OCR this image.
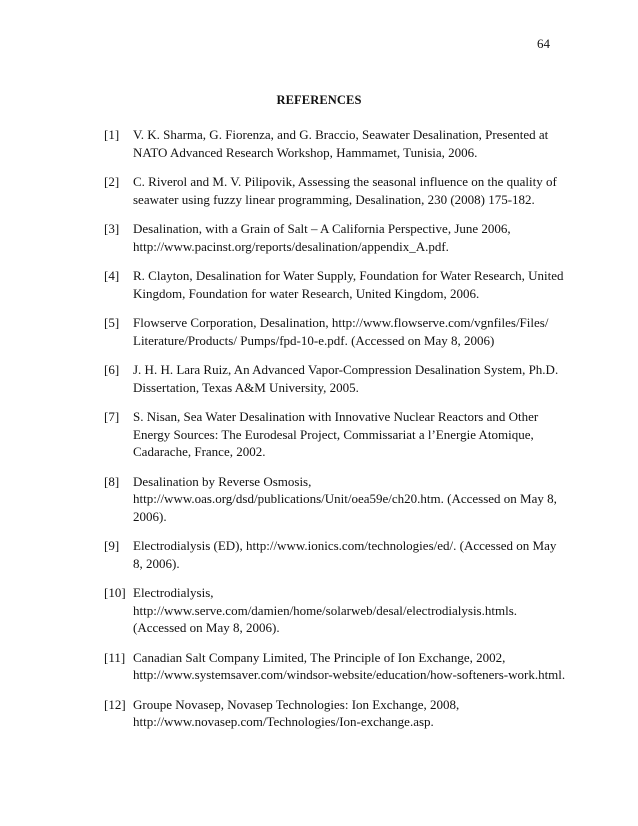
64
REFERENCES
[1]	V. K. Sharma, G. Fiorenza, and G. Braccio, Seawater Desalination, Presented at
NATO Advanced Research Workshop, Hammamet, Tunisia, 2006.
[2]	C. Riverol and M. V. Pilipovik, Assessing the seasonal influence on the quality of
seawater using fuzzy linear programming, Desalination, 230 (2008) 175-182.
[3]	Desalination, with a Grain of Salt – A California Perspective, June 2006,
http://www.pacinst.org/reports/desalination/appendix_A.pdf.
[4]	R. Clayton, Desalination for Water Supply, Foundation for Water Research, United
Kingdom, Foundation for water Research, United Kingdom, 2006.
[5]	Flowserve Corporation, Desalination, http://www.flowserve.com/vgnfiles/Files/
Literature/Products/ Pumps/fpd-10-e.pdf. (Accessed on May 8, 2006)
[6]	J. H. H. Lara Ruiz, An Advanced Vapor-Compression Desalination System, Ph.D.
Dissertation, Texas A&M University, 2005.
[7]	S. Nisan, Sea Water Desalination with Innovative Nuclear Reactors and Other
Energy Sources: The Eurodesal Project, Commissariat a l’Energie Atomique,
Cadarache, France, 2002.
[8]	Desalination by Reverse Osmosis,
http://www.oas.org/dsd/publications/Unit/oea59e/ch20.htm. (Accessed on May 8,
2006).
[9]	Electrodialysis (ED), http://www.ionics.com/technologies/ed/. (Accessed on May
8, 2006).
[10] Electrodialysis,
http://www.serve.com/damien/home/solarweb/desal/electrodialysis.htmls.
(Accessed on May 8, 2006).
[11] Canadian Salt Company Limited, The Principle of Ion Exchange, 2002,
http://www.systemsaver.com/windsor-website/education/how-softeners-work.html.
[12] Groupe Novasep, Novasep Technologies: Ion Exchange, 2008,
http://www.novasep.com/Technologies/Ion-exchange.asp.
